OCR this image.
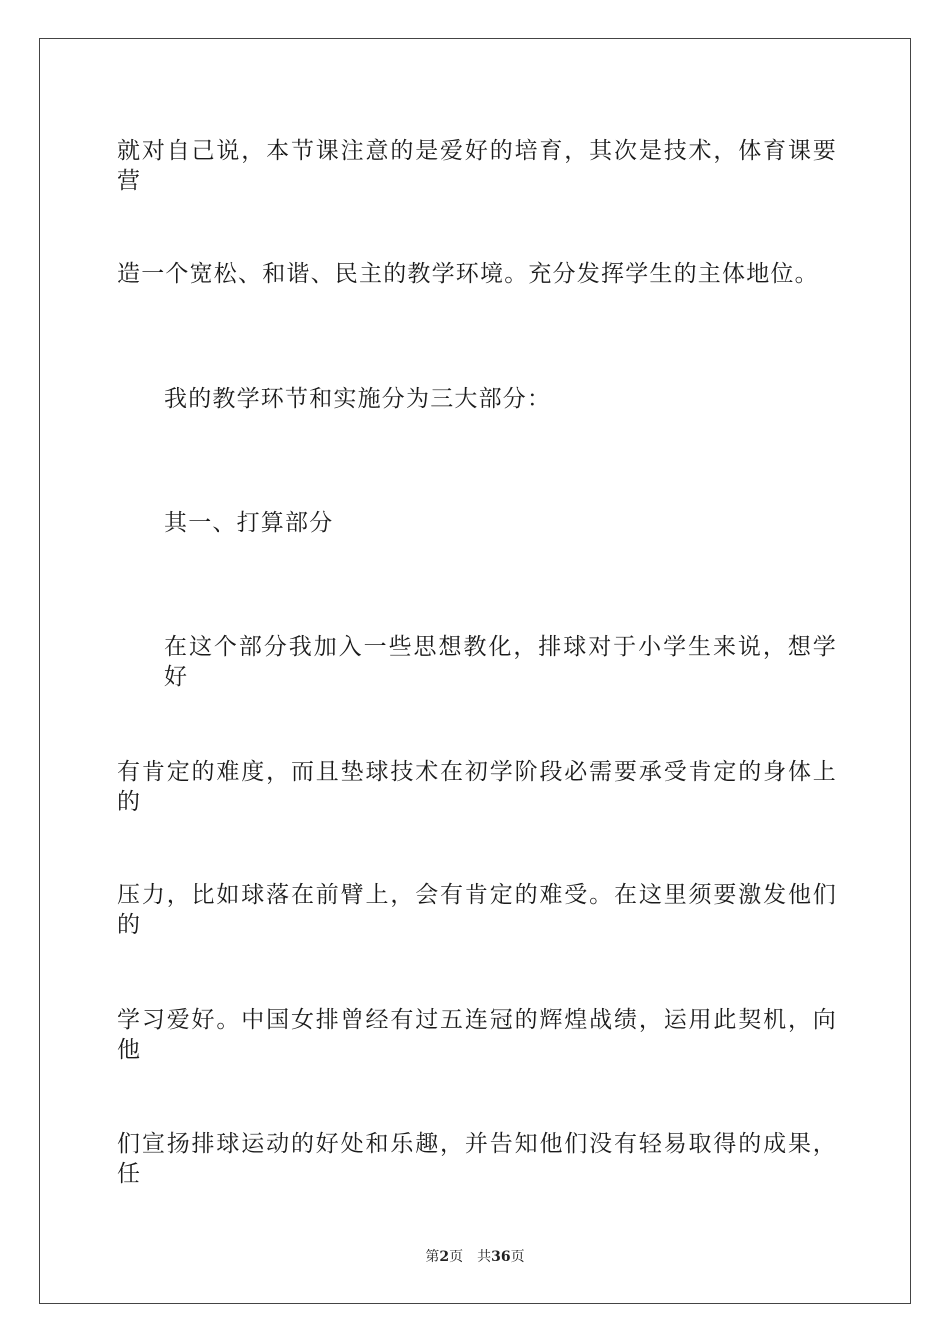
就对自己说，本节课注意的是爱好的培育，其次是技术，体育课要营
造一个宽松、和谐、民主的教学环境。充分发挥学生的主体地位。
我的教学环节和实施分为三大部分：
其一、打算部分
在这个部分我加入一些思想教化，排球对于小学生来说，想学好
有肯定的难度，而且垫球技术在初学阶段必需要承受肯定的身体上的
压力，比如球落在前臂上，会有肯定的难受。在这里须要激发他们的
学习爱好。中国女排曾经有过五连冠的辉煌战绩，运用此契机，向他
们宣扬排球运动的好处和乐趣，并告知他们没有轻易取得的成果，任
第2页 共36页
